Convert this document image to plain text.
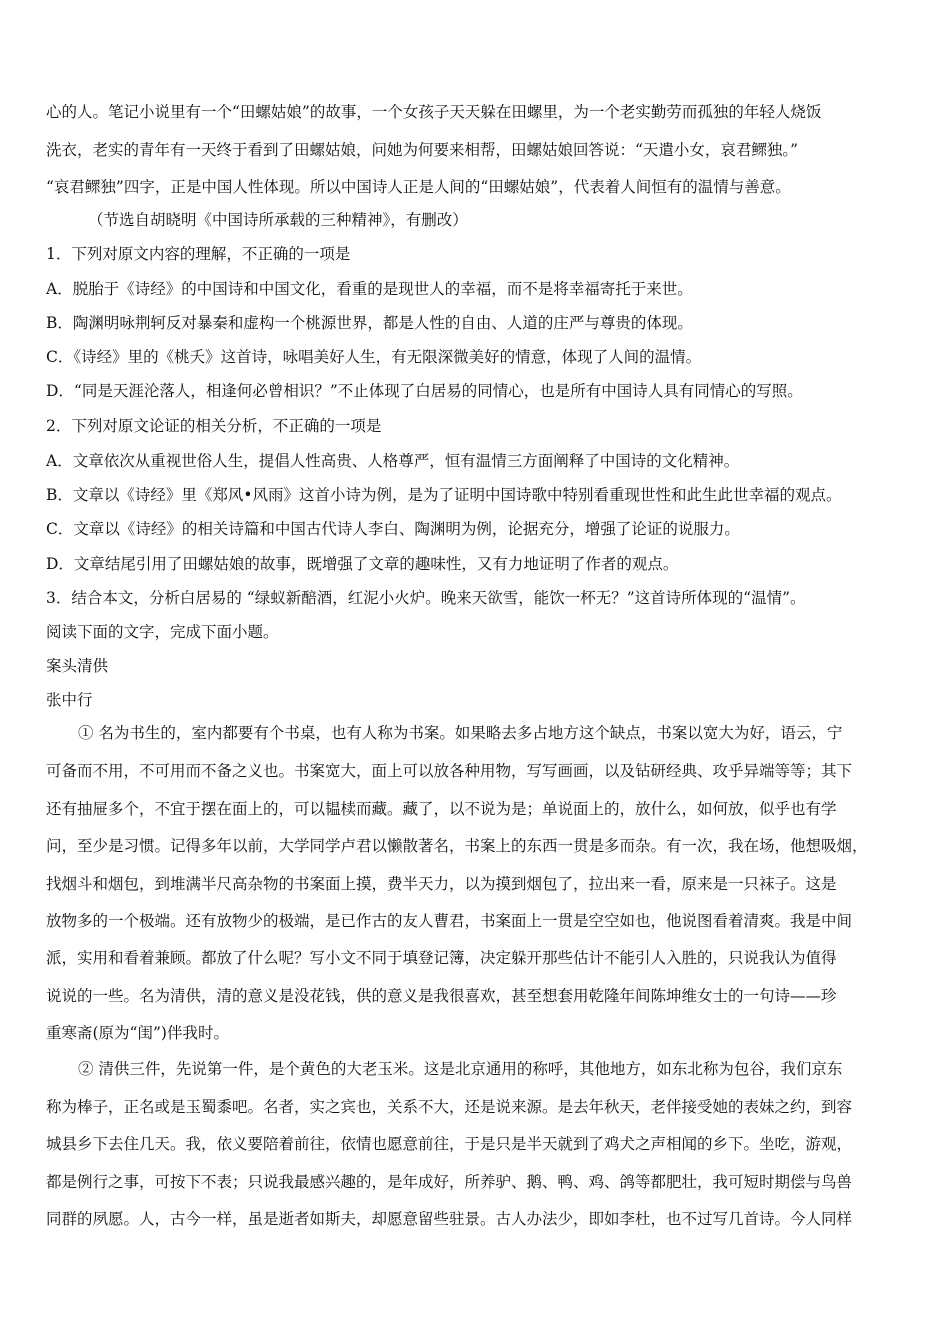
心的人。笔记小说里有一个“田螺姑娘”的故事，一个女孩子天天躲在田螺里，为一个老实勤劳而孤独的年轻人烧饭
洗衣，老实的青年有一天终于看到了田螺姑娘，问她为何要来相帮，田螺姑娘回答说：“天遣小女，哀君鳏独。”
“哀君鳏独”四字，正是中国人性体现。所以中国诗人正是人间的“田螺姑娘”，代表着人间恒有的温情与善意。
（节选自胡晓明《中国诗所承载的三种精神》，有删改）
1．下列对原文内容的理解，不正确的一项是
A．脱胎于《诗经》的中国诗和中国文化，看重的是现世人的幸福，而不是将幸福寄托于来世。
B．陶渊明咏荆轲反对暴秦和虚构一个桃源世界，都是人性的自由、人道的庄严与尊贵的体现。
C．《诗经》里的《桃夭》这首诗，咏唱美好人生，有无限深微美好的情意，体现了人间的温情。
D．“同是天涯沦落人，相逢何必曾相识？”不止体现了白居易的同情心，也是所有中国诗人具有同情心的写照。
2．下列对原文论证的相关分析，不正确的一项是
A．文章依次从重视世俗人生，提倡人性高贵、人格尊严，恒有温情三方面阐释了中国诗的文化精神。
B．文章以《诗经》里《郑风•风雨》这首小诗为例，是为了证明中国诗歌中特别看重现世性和此生此世幸福的观点。
C．文章以《诗经》的相关诗篇和中国古代诗人李白、陶渊明为例，论据充分，增强了论证的说服力。
D．文章结尾引用了田螺姑娘的故事，既增强了文章的趣味性，又有力地证明了作者的观点。
3．结合本文，分析白居易的 “绿蚁新醅酒，红泥小火炉。晚来天欲雪，能饮一杯无？”这首诗所体现的“温情”。
阅读下面的文字，完成下面小题。
案头清供
张中行
① 名为书生的，室内都要有个书桌，也有人称为书案。如果略去多占地方这个缺点，书案以宽大为好，语云，宁
可备而不用，不可用而不备之义也。书案宽大，面上可以放各种用物，写写画画，以及钻研经典、攻乎异端等等；其下
还有抽屉多个，不宜于摆在面上的，可以韫椟而藏。藏了，以不说为是；单说面上的，放什么，如何放，似乎也有学
问，至少是习惯。记得多年以前，大学同学卢君以懒散著名，书案上的东西一贯是多而杂。有一次，我在场，他想吸烟，
找烟斗和烟包，到堆满半尺高杂物的书案面上摸，费半天力，以为摸到烟包了，拉出来一看，原来是一只袜子。这是
放物多的一个极端。还有放物少的极端，是已作古的友人曹君，书案面上一贯是空空如也，他说图看着清爽。我是中间
派，实用和看着兼顾。都放了什么呢？写小文不同于填登记簿，决定躲开那些估计不能引人入胜的，只说我认为值得
说说的一些。名为清供，清的意义是没花钱，供的意义是我很喜欢，甚至想套用乾隆年间陈坤维女士的一句诗——珍
重寒斋(原为“闺”)伴我时。
② 清供三件，先说第一件，是个黄色的大老玉米。这是北京通用的称呼，其他地方，如东北称为包谷，我们京东
称为棒子，正名或是玉蜀黍吧。名者，实之宾也，关系不大，还是说来源。是去年秋天，老伴接受她的表妹之约，到容
城县乡下去住几天。我，依义要陪着前往，依情也愿意前往，于是只是半天就到了鸡犬之声相闻的乡下。坐吃，游观，
都是例行之事，可按下不表；只说我最感兴趣的，是年成好，所养驴、鹅、鸭、鸡、鸽等都肥壮，我可短时期偿与鸟兽
同群的夙愿。人，古今一样，虽是逝者如斯夫，却愿意留些驻景。古人办法少，即如李杜，也不过写几首诗。今人同样
